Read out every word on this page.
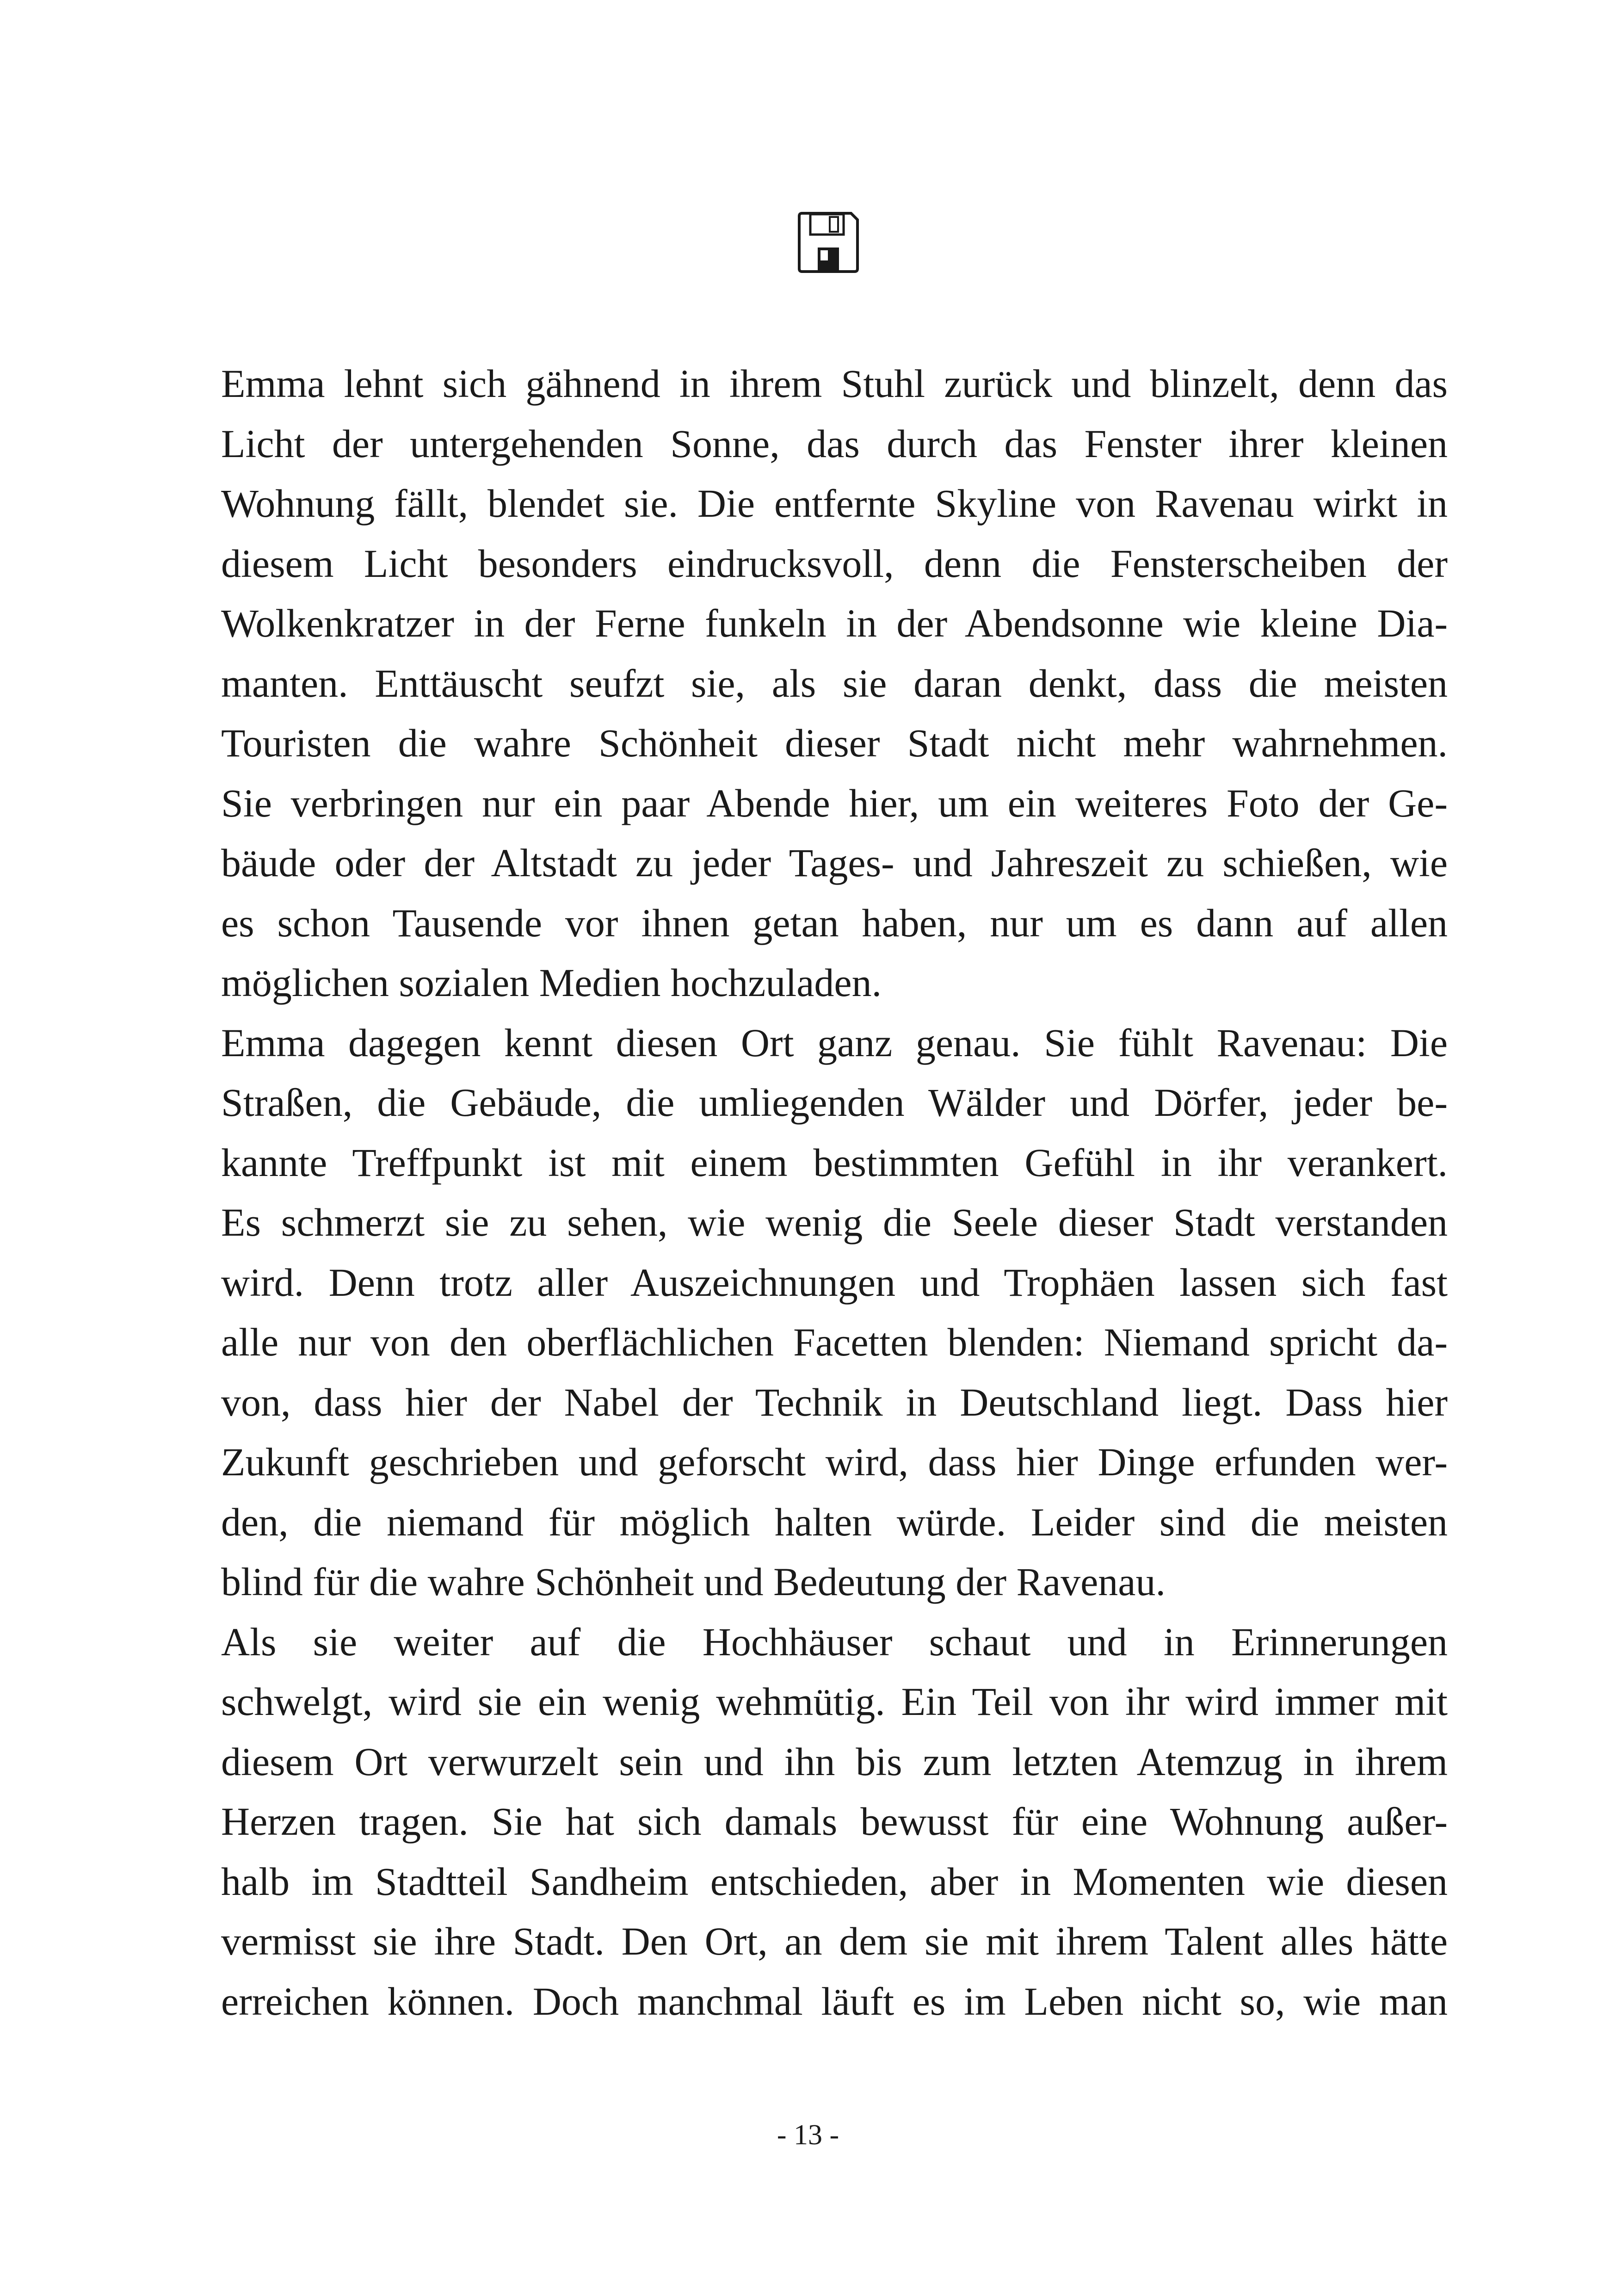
Emma lehnt sich gähnend in ihrem Stuhl zurück und blinzelt, denn das
Licht der untergehenden Sonne, das durch das Fenster ihrer kleinen
Wohnung fällt, blendet sie. Die entfernte Skyline von Ravenau wirkt in
diesem Licht besonders eindrucksvoll, denn die Fensterscheiben der
Wolkenkratzer in der Ferne funkeln in der Abendsonne wie kleine Dia-
manten. Enttäuscht seufzt sie, als sie daran denkt, dass die meisten
Touristen die wahre Schönheit dieser Stadt nicht mehr wahrnehmen.
Sie verbringen nur ein paar Abende hier, um ein weiteres Foto der Ge-
bäude oder der Altstadt zu jeder Tages- und Jahreszeit zu schießen, wie
es schon Tausende vor ihnen getan haben, nur um es dann auf allen
möglichen sozialen Medien hochzuladen.
Emma dagegen kennt diesen Ort ganz genau. Sie fühlt Ravenau: Die
Straßen, die Gebäude, die umliegenden Wälder und Dörfer, jeder be-
kannte Treffpunkt ist mit einem bestimmten Gefühl in ihr verankert.
Es schmerzt sie zu sehen, wie wenig die Seele dieser Stadt verstanden
wird. Denn trotz aller Auszeichnungen und Trophäen lassen sich fast
alle nur von den oberflächlichen Facetten blenden: Niemand spricht da-
von, dass hier der Nabel der Technik in Deutschland liegt. Dass hier
Zukunft geschrieben und geforscht wird, dass hier Dinge erfunden wer-
den, die niemand für möglich halten würde. Leider sind die meisten
blind für die wahre Schönheit und Bedeutung der Ravenau.
Als sie weiter auf die Hochhäuser schaut und in Erinnerungen
schwelgt, wird sie ein wenig wehmütig. Ein Teil von ihr wird immer mit
diesem Ort verwurzelt sein und ihn bis zum letzten Atemzug in ihrem
Herzen tragen. Sie hat sich damals bewusst für eine Wohnung außer-
halb im Stadtteil Sandheim entschieden, aber in Momenten wie diesen
vermisst sie ihre Stadt. Den Ort, an dem sie mit ihrem Talent alles hätte
erreichen können. Doch manchmal läuft es im Leben nicht so, wie man
- 13 -
